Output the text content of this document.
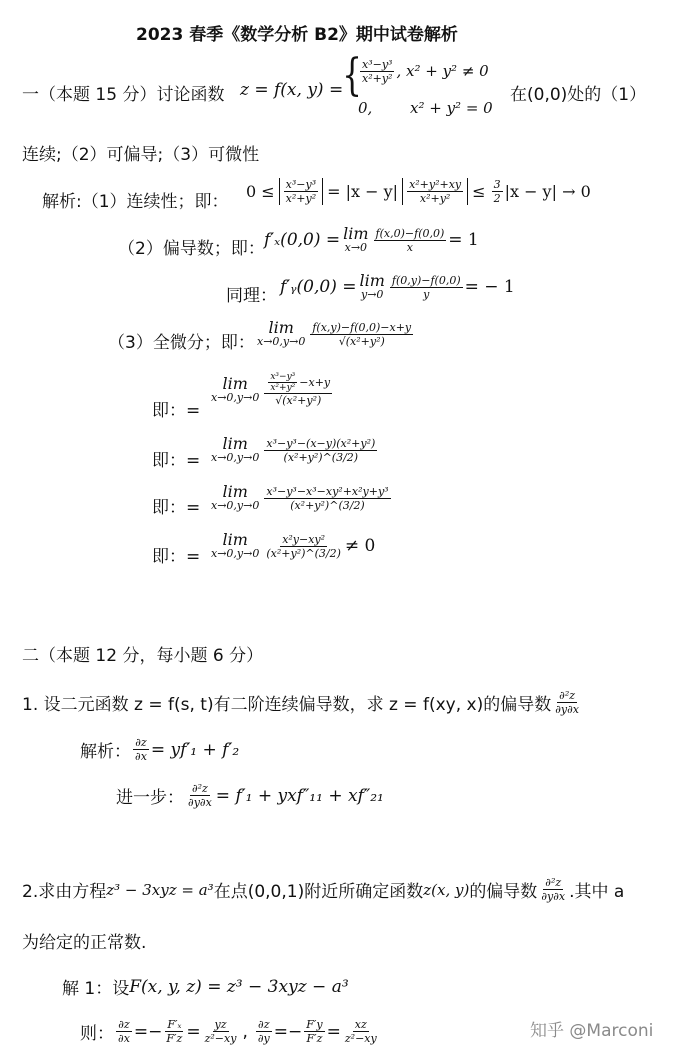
2023 春季《数学分析 B2》期中试卷解析
一（本题 15 分）讨论函数 z = f(x, y) =
{
$\frac{\text{x³−y³}}{\text{x²+y²}}$ , x² + y² ≠ 0
0,	x² + y² = 0
在(0,0)处的（1）
连续;（2）可偏导;（3）可微性
解析:（1）连续性；即：
$0 \le \frac{\text{x³−y³}}{\text{x²+y²}} = |x - y| \frac{\text{x²+y²+xy}}{\text{x²+y²}} \le \frac{3}{2} |x - y| \to 0$
（2）偏导数；即： f′ₓ(0,0) = lim
$x\to 0 \frac{f(x,0)-f(0,0)}{x} = 1$
同理： f′ᵧ(0,0) = lim
$y\to 0 \frac{f(0,y)-f(0,0)}{y}$ = − 1
（3）全微分；即：
lim
$x\to 0,y\to 0 \frac{f(x,y)-f(0,0)-x+y}{\text{√(x²+y²)}}$
即：=
lim
$x\to 0,y\to 0 \frac{\frac{\text{x³−y³}}{\text{x²+y²}} -x+y}{\text{√(x²+y²)}}$
即：=
lim
$x\to 0,y\to 0 \frac{\text{x³−y³−(x−y)(x²+y²)}}{\text{(x²+y²)\textasciicircum{}(3/2)}}$
即：=
lim
$x\to 0,y\to 0 \frac{\text{x³−y³−x³−xy²+x²y+y³}}{\text{(x²+y²)\textasciicircum{}(3/2)}}$
即：=
lim
$x\to 0,y\to 0 \frac{\text{x²y−xy²}}{\text{(x²+y²)\textasciicircum{}(3/2)}} \ne 0$
二（本题 12 分，每小题 6 分）
1. 设二元函数 z = f(s, t)有二阶连续偏导数，求 z = f(xy, x)的偏导数 $\frac{\text{∂²z}}{\partial y\partial x}$
解析： $\frac{\partial z}{\partial x} = yf'_1 + f'_2$
进一步： $\frac{\text{∂²z}}{\partial y\partial x} = f'_1 + yxf''_{11} + xf''_{21}$
2.求由方程 z³ − 3xyz = a³ 在点(0,0,1)附近所确定函数 z(x, y) 的偏导数 $\frac{\text{∂²z}}{\partial y\partial x}$ .其中 a
为给定的正常数.
解 1：设 F(x, y, z) = z³ − 3xyz − a³
则： $\frac{\partial z}{\partial x} =- \frac{\text{F′ₓ}}{F'z} = \frac{yz}{\text{z²−xy}}$ , $\frac{\partial z}{\partial y} =- \frac{F'y}{F'z} = \frac{xz}{\text{z²−xy}}$	知乎 @Marconi
